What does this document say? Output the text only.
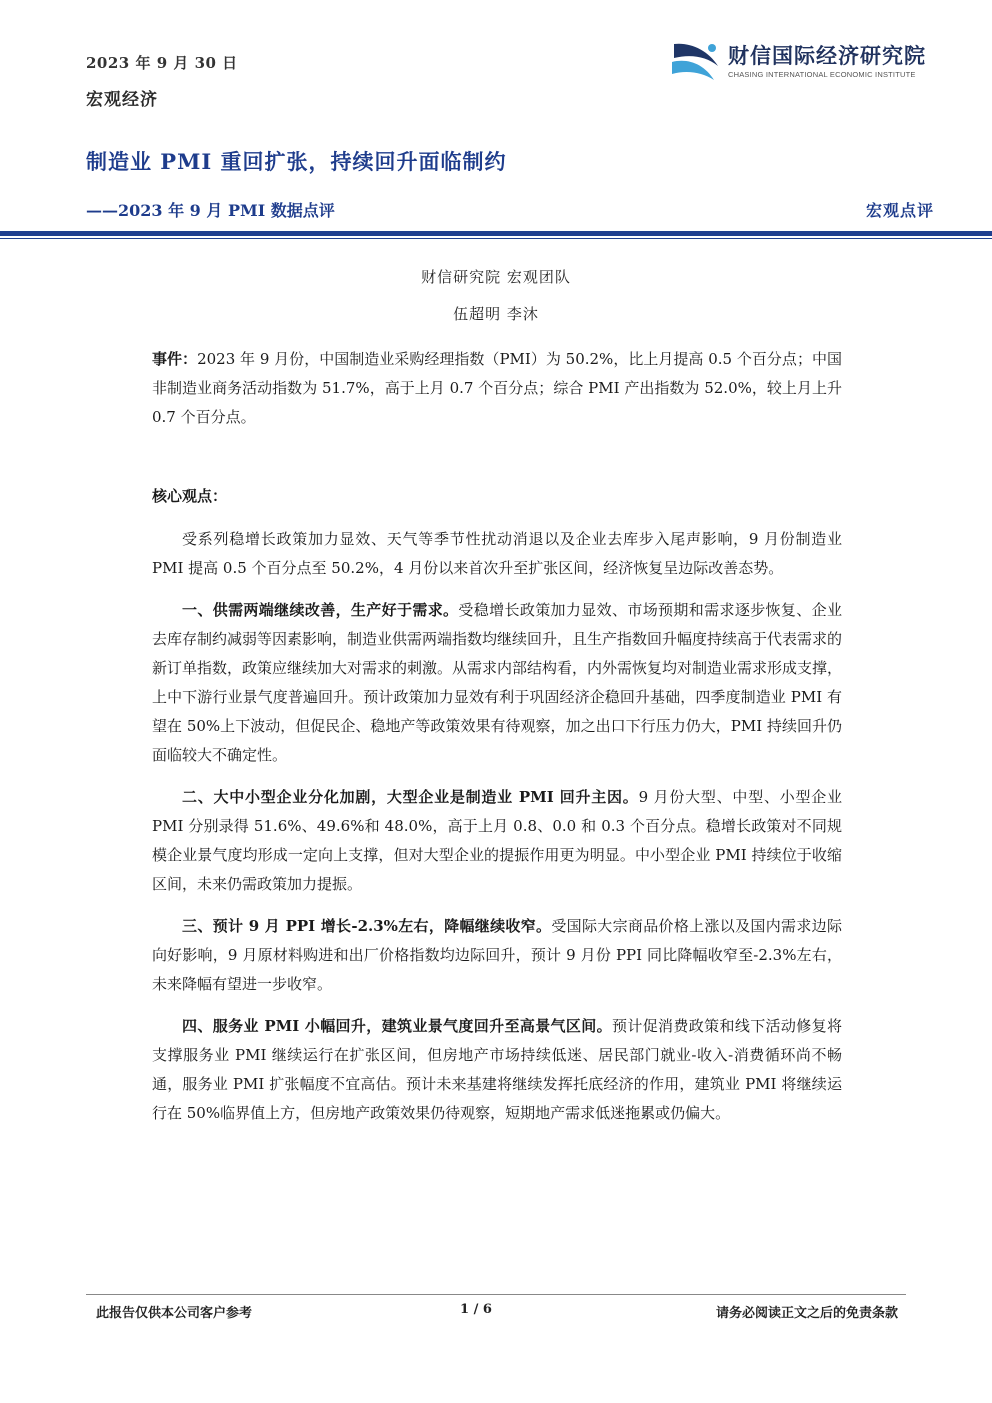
2023 年 9 月 30 日
宏观经济
财信国际经济研究院
CHASING INTERNATIONAL ECONOMIC INSTITUTE
制造业 PMI 重回扩张，持续回升面临制约
——2023 年 9 月 PMI 数据点评	宏观点评
财信研究院 宏观团队
伍超明 李沐

事件：2023 年 9 月份，中国制造业采购经理指数（PMI）为 50.2%，比上月提高 0.5 个百分点；中国非制造业商务活动指数为 51.7%，高于上月 0.7 个百分点；综合 PMI 产出指数为 52.0%，较上月上升 0.7 个百分点。

核心观点：

受系列稳增长政策加力显效、天气等季节性扰动消退以及企业去库步入尾声影响，9 月份制造业 PMI 提高 0.5 个百分点至 50.2%，4 月份以来首次升至扩张区间，经济恢复呈边际改善态势。

一、供需两端继续改善，生产好于需求。受稳增长政策加力显效、市场预期和需求逐步恢复、企业去库存制约减弱等因素影响，制造业供需两端指数均继续回升，且生产指数回升幅度持续高于代表需求的新订单指数，政策应继续加大对需求的刺激。从需求内部结构看，内外需恢复均对制造业需求形成支撑，上中下游行业景气度普遍回升。预计政策加力显效有利于巩固经济企稳回升基础，四季度制造业 PMI 有望在 50%上下波动，但促民企、稳地产等政策效果有待观察，加之出口下行压力仍大，PMI 持续回升仍面临较大不确定性。

二、大中小型企业分化加剧，大型企业是制造业 PMI 回升主因。9 月份大型、中型、小型企业 PMI 分别录得 51.6%、49.6%和 48.0%，高于上月 0.8、0.0 和 0.3 个百分点。稳增长政策对不同规模企业景气度均形成一定向上支撑，但对大型企业的提振作用更为明显。中小型企业 PMI 持续位于收缩区间，未来仍需政策加力提振。

三、预计 9 月 PPI 增长-2.3%左右，降幅继续收窄。受国际大宗商品价格上涨以及国内需求边际向好影响，9 月原材料购进和出厂价格指数均边际回升，预计 9 月份 PPI 同比降幅收窄至-2.3%左右，未来降幅有望进一步收窄。

四、服务业 PMI 小幅回升，建筑业景气度回升至高景气区间。预计促消费政策和线下活动修复将支撑服务业 PMI 继续运行在扩张区间，但房地产市场持续低迷、居民部门就业-收入-消费循环尚不畅通，服务业 PMI 扩张幅度不宜高估。预计未来基建将继续发挥托底经济的作用，建筑业 PMI 将继续运行在 50%临界值上方，但房地产政策效果仍待观察，短期地产需求低迷拖累或仍偏大。

此报告仅供本公司客户参考	1 / 6	请务必阅读正文之后的免责条款
